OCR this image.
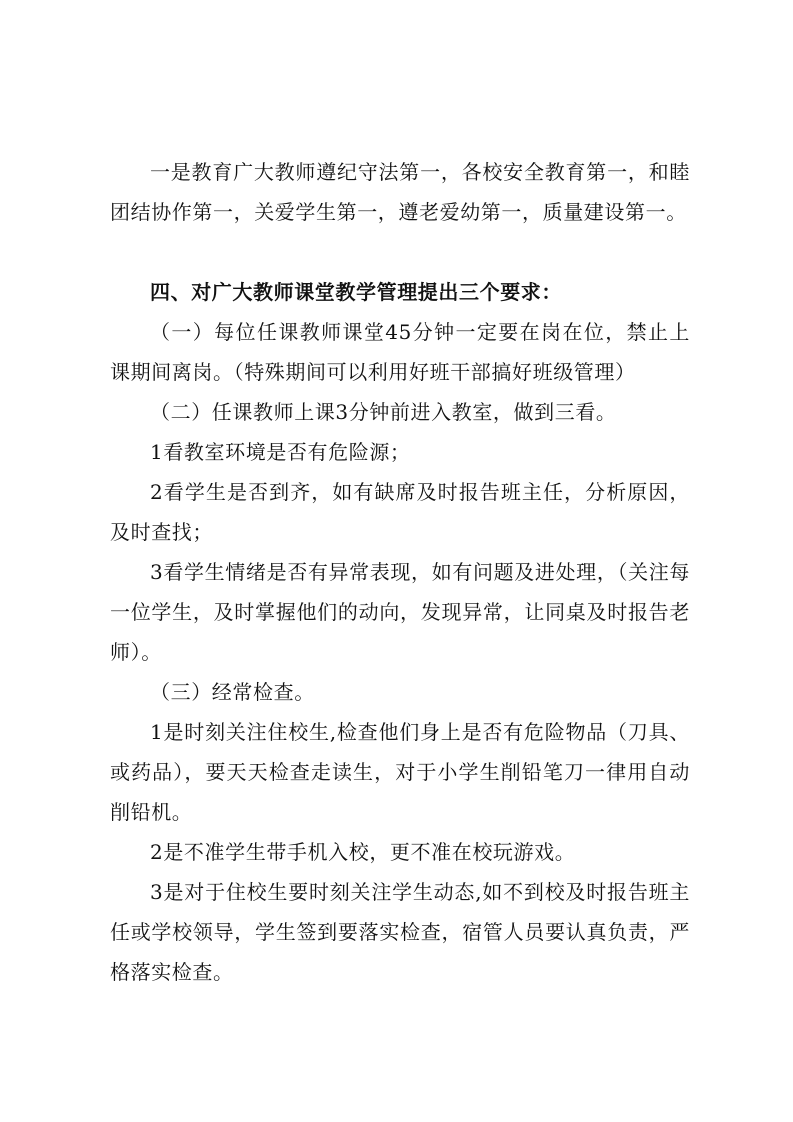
一是教育广大教师遵纪守法第一，各校安全教育第一，和睦团结协作第一，关爱学生第一，遵老爱幼第一，质量建设第一。

四、对广大教师课堂教学管理提出三个要求：

（一）每位任课教师课堂45分钟一定要在岗在位，禁止上课期间离岗。（特殊期间可以利用好班干部搞好班级管理）

（二）任课教师上课3分钟前进入教室，做到三看。

1看教室环境是否有危险源；

2看学生是否到齐，如有缺席及时报告班主任，分析原因，及时查找；

3看学生情绪是否有异常表现，如有问题及进处理，（关注每一位学生，及时掌握他们的动向，发现异常，让同桌及时报告老师）。

（三）经常检查。

1是时刻关注住校生,检查他们身上是否有危险物品（刀具、或药品），要天天检查走读生，对于小学生削铅笔刀一律用自动削铅机。

2是不准学生带手机入校，更不准在校玩游戏。

3是对于住校生要时刻关注学生动态,如不到校及时报告班主任或学校领导，学生签到要落实检查，宿管人员要认真负责，严格落实检查。
